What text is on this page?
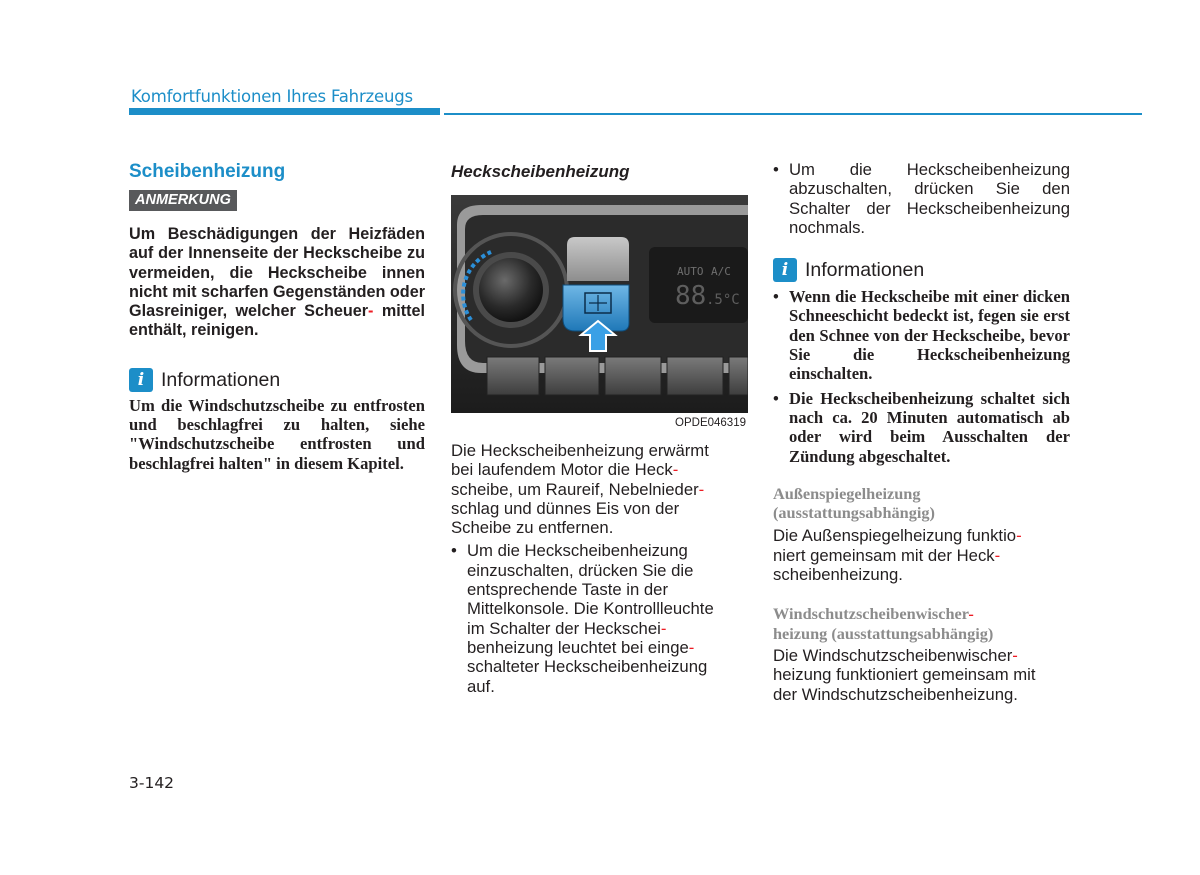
Komfortfunktionen Ihres Fahrzeugs
Scheibenheizung
ANMERKUNG
Um Beschädigungen der Heizfäden auf der Innenseite der Heckscheibe zu vermeiden, die Heckscheibe innen nicht mit scharfen Gegenständen oder Glasreiniger, welcher Scheuer- mittel enthält, reinigen.
i Informationen
Um die Windschutzscheibe zu entfrosten und beschlagfrei zu halten, siehe "Windschutzscheibe entfrosten und beschlagfrei halten" in diesem Kapitel.
Heckscheibenheizung
AUTO A/C
88 .5°C
OPDE046319
Die Heckscheibenheizung erwärmt
bei laufendem Motor die Heck-
scheibe, um Raureif, Nebelnieder-
schlag und dünnes Eis von der
Scheibe zu entfernen.
• Um die Heckscheibenheizung
einzuschalten, drücken Sie die
entsprechende Taste in der
Mittelkonsole. Die Kontrollleuchte
im Schalter der Heckschei-
benheizung leuchtet bei einge-
schalteter Heckscheibenheizung
auf.
• Um die Heckscheibenheizung abzuschalten, drücken Sie den Schalter der Heckscheibenheizung nochmals.
i Informationen
• Wenn die Heckscheibe mit einer dicken Schneeschicht bedeckt ist, fegen sie erst den Schnee von der Heckscheibe, bevor Sie die Heckscheibenheizung einschalten.
• Die Heckscheibenheizung schaltet sich nach ca. 20 Minuten automatisch ab oder wird beim Ausschalten der Zündung abgeschaltet.
Außenspiegelheizung
(ausstattungsabhängig)
Die Außenspiegelheizung funktio-
niert gemeinsam mit der Heck-
scheibenheizung.
Windschutzscheibenwischer-
heizung (ausstattungsabhängig)
Die Windschutzscheibenwischer-
heizung funktioniert gemeinsam mit
der Windschutzscheibenheizung.
3-142
